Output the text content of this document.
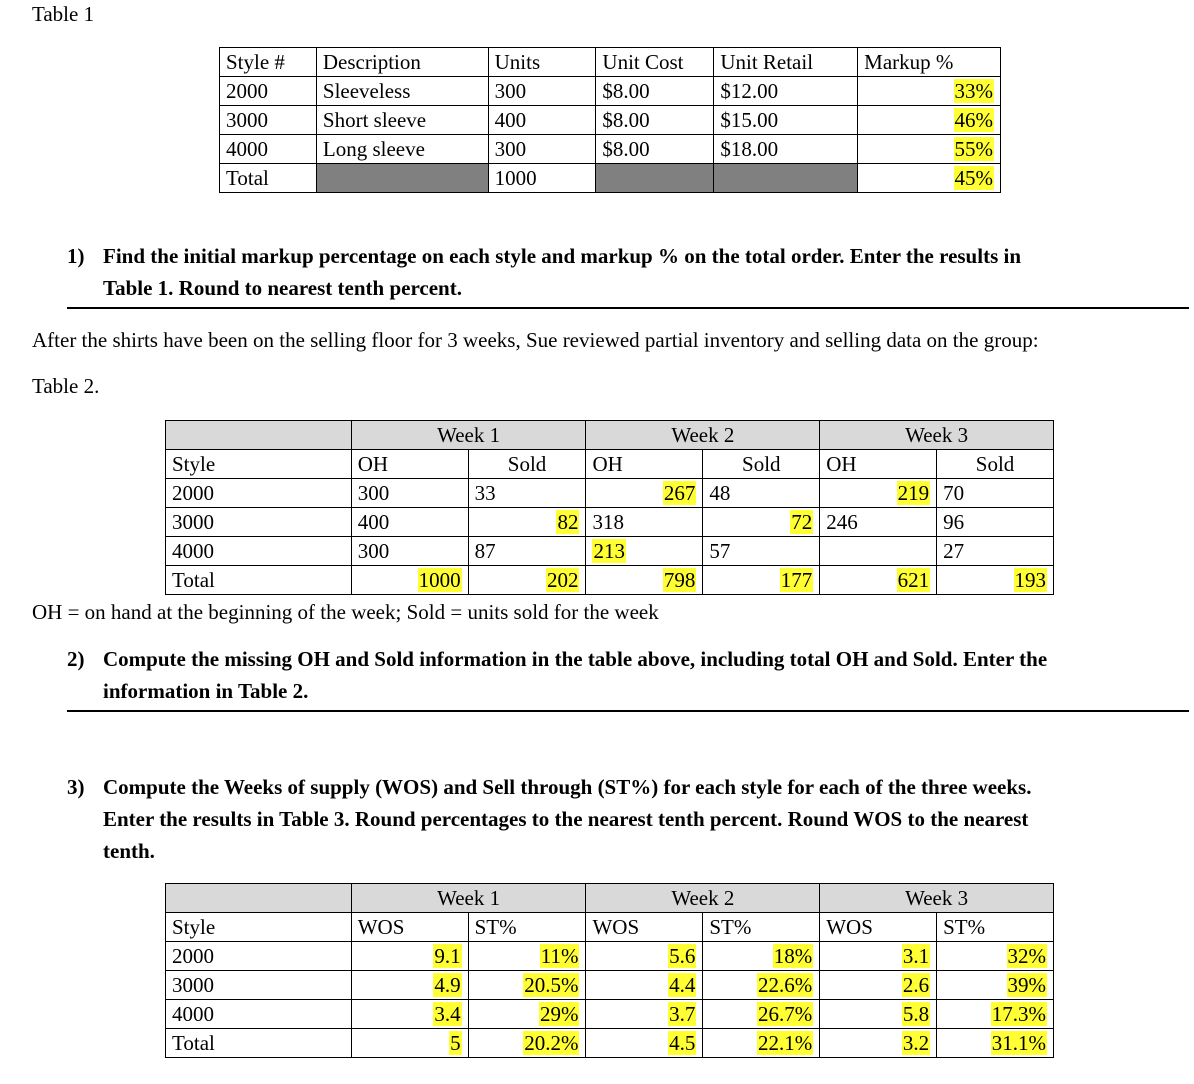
Table 1
Style #	Description	Units	Unit Cost	Unit Retail	Markup %
2000	Sleeveless	300	$8.00	$12.00	33%
3000	Short sleeve	400	$8.00	$15.00	46%
4000	Long sleeve	300	$8.00	$18.00	55%
Total		1000			45%
1) Find the initial markup percentage on each style and markup % on the total order. Enter the results in
Table 1. Round to nearest tenth percent.
After the shirts have been on the selling floor for 3 weeks, Sue reviewed partial inventory and selling data on the group:
Table 2.
	Week 1		Week 2		Week 3	
Style	OH	Sold	OH	Sold	OH	Sold
2000	300	33	267	48	219	70
3000	400	82	318	72	246	96
4000	300	87	213	57		27
Total	1000	202	798	177	621	193
OH = on hand at the beginning of the week; Sold = units sold for the week
2) Compute the missing OH and Sold information in the table above, including total OH and Sold. Enter the
information in Table 2.
3) Compute the Weeks of supply (WOS) and Sell through (ST%) for each style for each of the three weeks.
Enter the results in Table 3. Round percentages to the nearest tenth percent. Round WOS to the nearest
tenth.
	Week 1		Week 2		Week 3	
Style	WOS	ST%	WOS	ST%	WOS	ST%
2000	9.1	11%	5.6	18%	3.1	32%
3000	4.9	20.5%	4.4	22.6%	2.6	39%
4000	3.4	29%	3.7	26.7%	5.8	17.3%
Total	5	20.2%	4.5	22.1%	3.2	31.1%
